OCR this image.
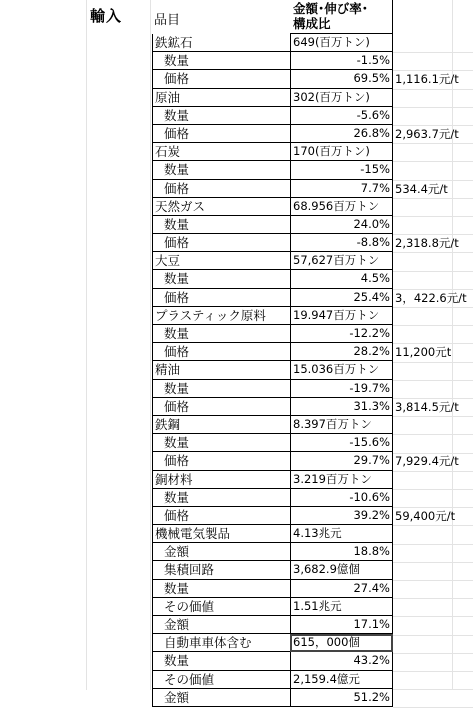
輸入 品目
金額･伸び率･
構成比
鉄鉱石	649(百万トン)
数量	-1.5%
価格	69.5% 1,116.1元/t
原油	302(百万トン)
数量	-5.6%
価格	26.8% 2,963.7元/t
石炭	170(百万トン)
数量	-15%
価格	7.7% 534.4元/t
天然ガス	68.956百万トン
数量	24.0%
価格	-8.8% 2,318.8元/t
大豆	57,627百万トン
数量	4.5%
価格	25.4% 3，422.6元/t
プラスティック原料	19.947百万トン
数量	-12.2%
価格	28.2% 11,200元t
精油	15.036百万トン
数量	-19.7%
価格	31.3% 3,814.5元/t
鉄鋼	8.397百万トン
数量	-15.6%
価格	29.7% 7,929.4元/t
銅材料	3.219百万トン
数量	-10.6%
価格	39.2% 59,400元/t
機械電気製品	4.13兆元
金額	18.8%
集積回路	3,682.9億個
数量	27.4%
その価値	1.51兆元
金額	17.1%
自動車車体含む	615，000個
数量	43.2%
その価値	2,159.4億元
金額	51.2%
